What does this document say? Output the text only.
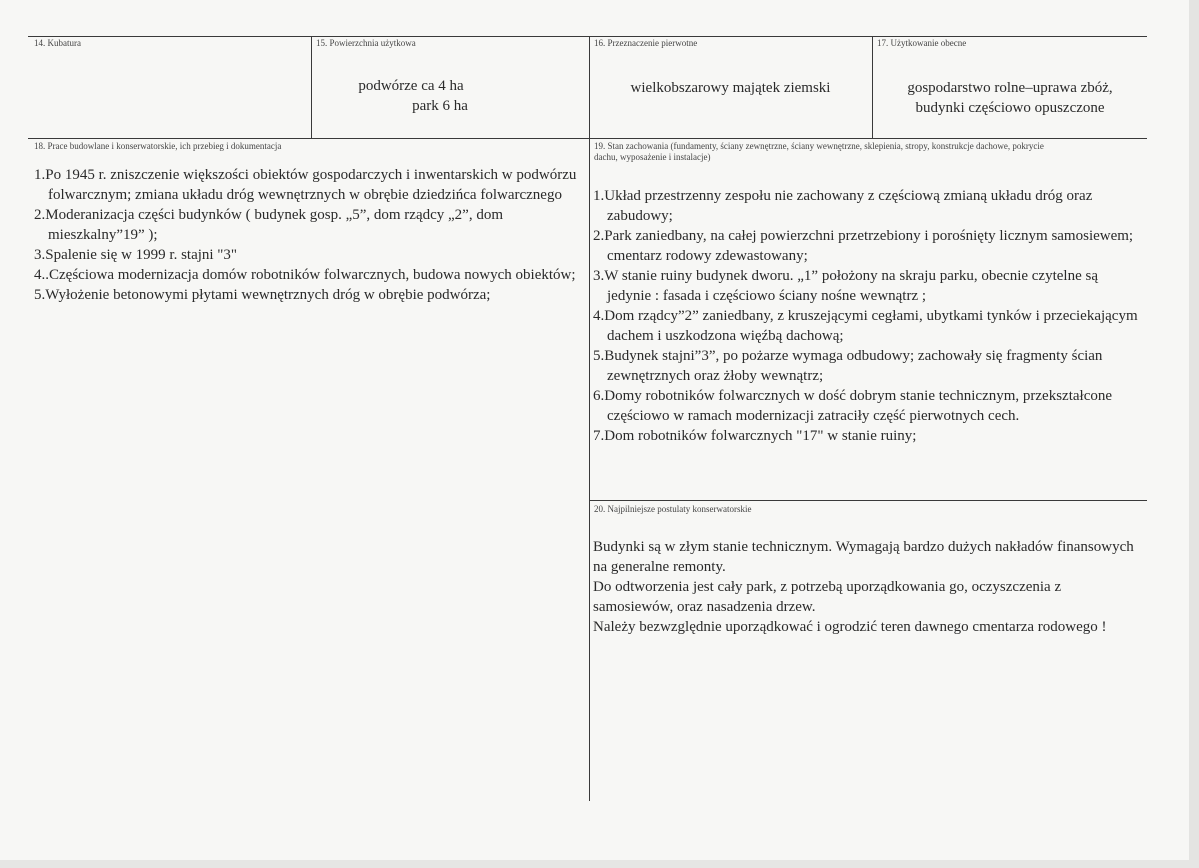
14. Kubatura	15. Powierzchnia użytkowa
podwórze ca 4 ha
park 6 ha
16. Przeznaczenie pierwotne
wielkobszarowy majątek ziemski
17. Użytkowanie obecne
gospodarstwo rolne–uprawa zbóż,
budynki częściowo opuszczone
18. Prace budowlane i konserwatorskie, ich przebieg i dokumentacja
1.Po 1945 r. zniszczenie większości obiektów gospodarczych i inwentarskich w podwórzu folwarcznym; zmiana układu dróg wewnętrznych w obrębie dziedzińca folwarcznego
2.Moderanizacja części budynków ( budynek gosp. „5”, dom rządcy „2”, dom mieszkalny”19” );
3.Spalenie się w 1999 r. stajni "3"
4..Częściowa modernizacja domów robotników folwarcznych, budowa nowych obiektów;
5.Wyłożenie betonowymi płytami wewnętrznych dróg w obrębie podwórza;
19. Stan zachowania (fundamenty, ściany zewnętrzne, ściany wewnętrzne, sklepienia, stropy, konstrukcje dachowe, pokrycie dachu, wyposażenie i instalacje)
1.Układ przestrzenny zespołu nie zachowany z częściową zmianą układu dróg oraz zabudowy;
2.Park zaniedbany, na całej powierzchni przetrzebiony i porośnięty licznym samosiewem; cmentarz rodowy zdewastowany;
3.W stanie ruiny budynek dworu. „1” położony na skraju parku, obecnie czytelne są jedynie : fasada i częściowo ściany nośne wewnątrz ;
4.Dom rządcy”2” zaniedbany, z kruszejącymi cegłami, ubytkami tynków i przeciekającym dachem i uszkodzona więźbą dachową;
5.Budynek stajni”3”, po pożarze wymaga odbudowy; zachowały się fragmenty ścian zewnętrznych oraz żłoby wewnątrz;
6.Domy robotników folwarcznych w dość dobrym stanie technicznym, przekształcone częściowo w ramach modernizacji zatraciły część pierwotnych cech.
7.Dom robotników folwarcznych "17" w stanie ruiny;
20. Najpilniejsze postulaty konserwatorskie

Budynki są w złym stanie technicznym. Wymagają bardzo dużych nakładów finansowych na generalne remonty.

Do odtworzenia jest cały park, z potrzebą uporządkowania go, oczyszczenia z samosiewów, oraz nasadzenia drzew.

Należy bezwzględnie uporządkować i ogrodzić teren dawnego cmentarza rodowego !
